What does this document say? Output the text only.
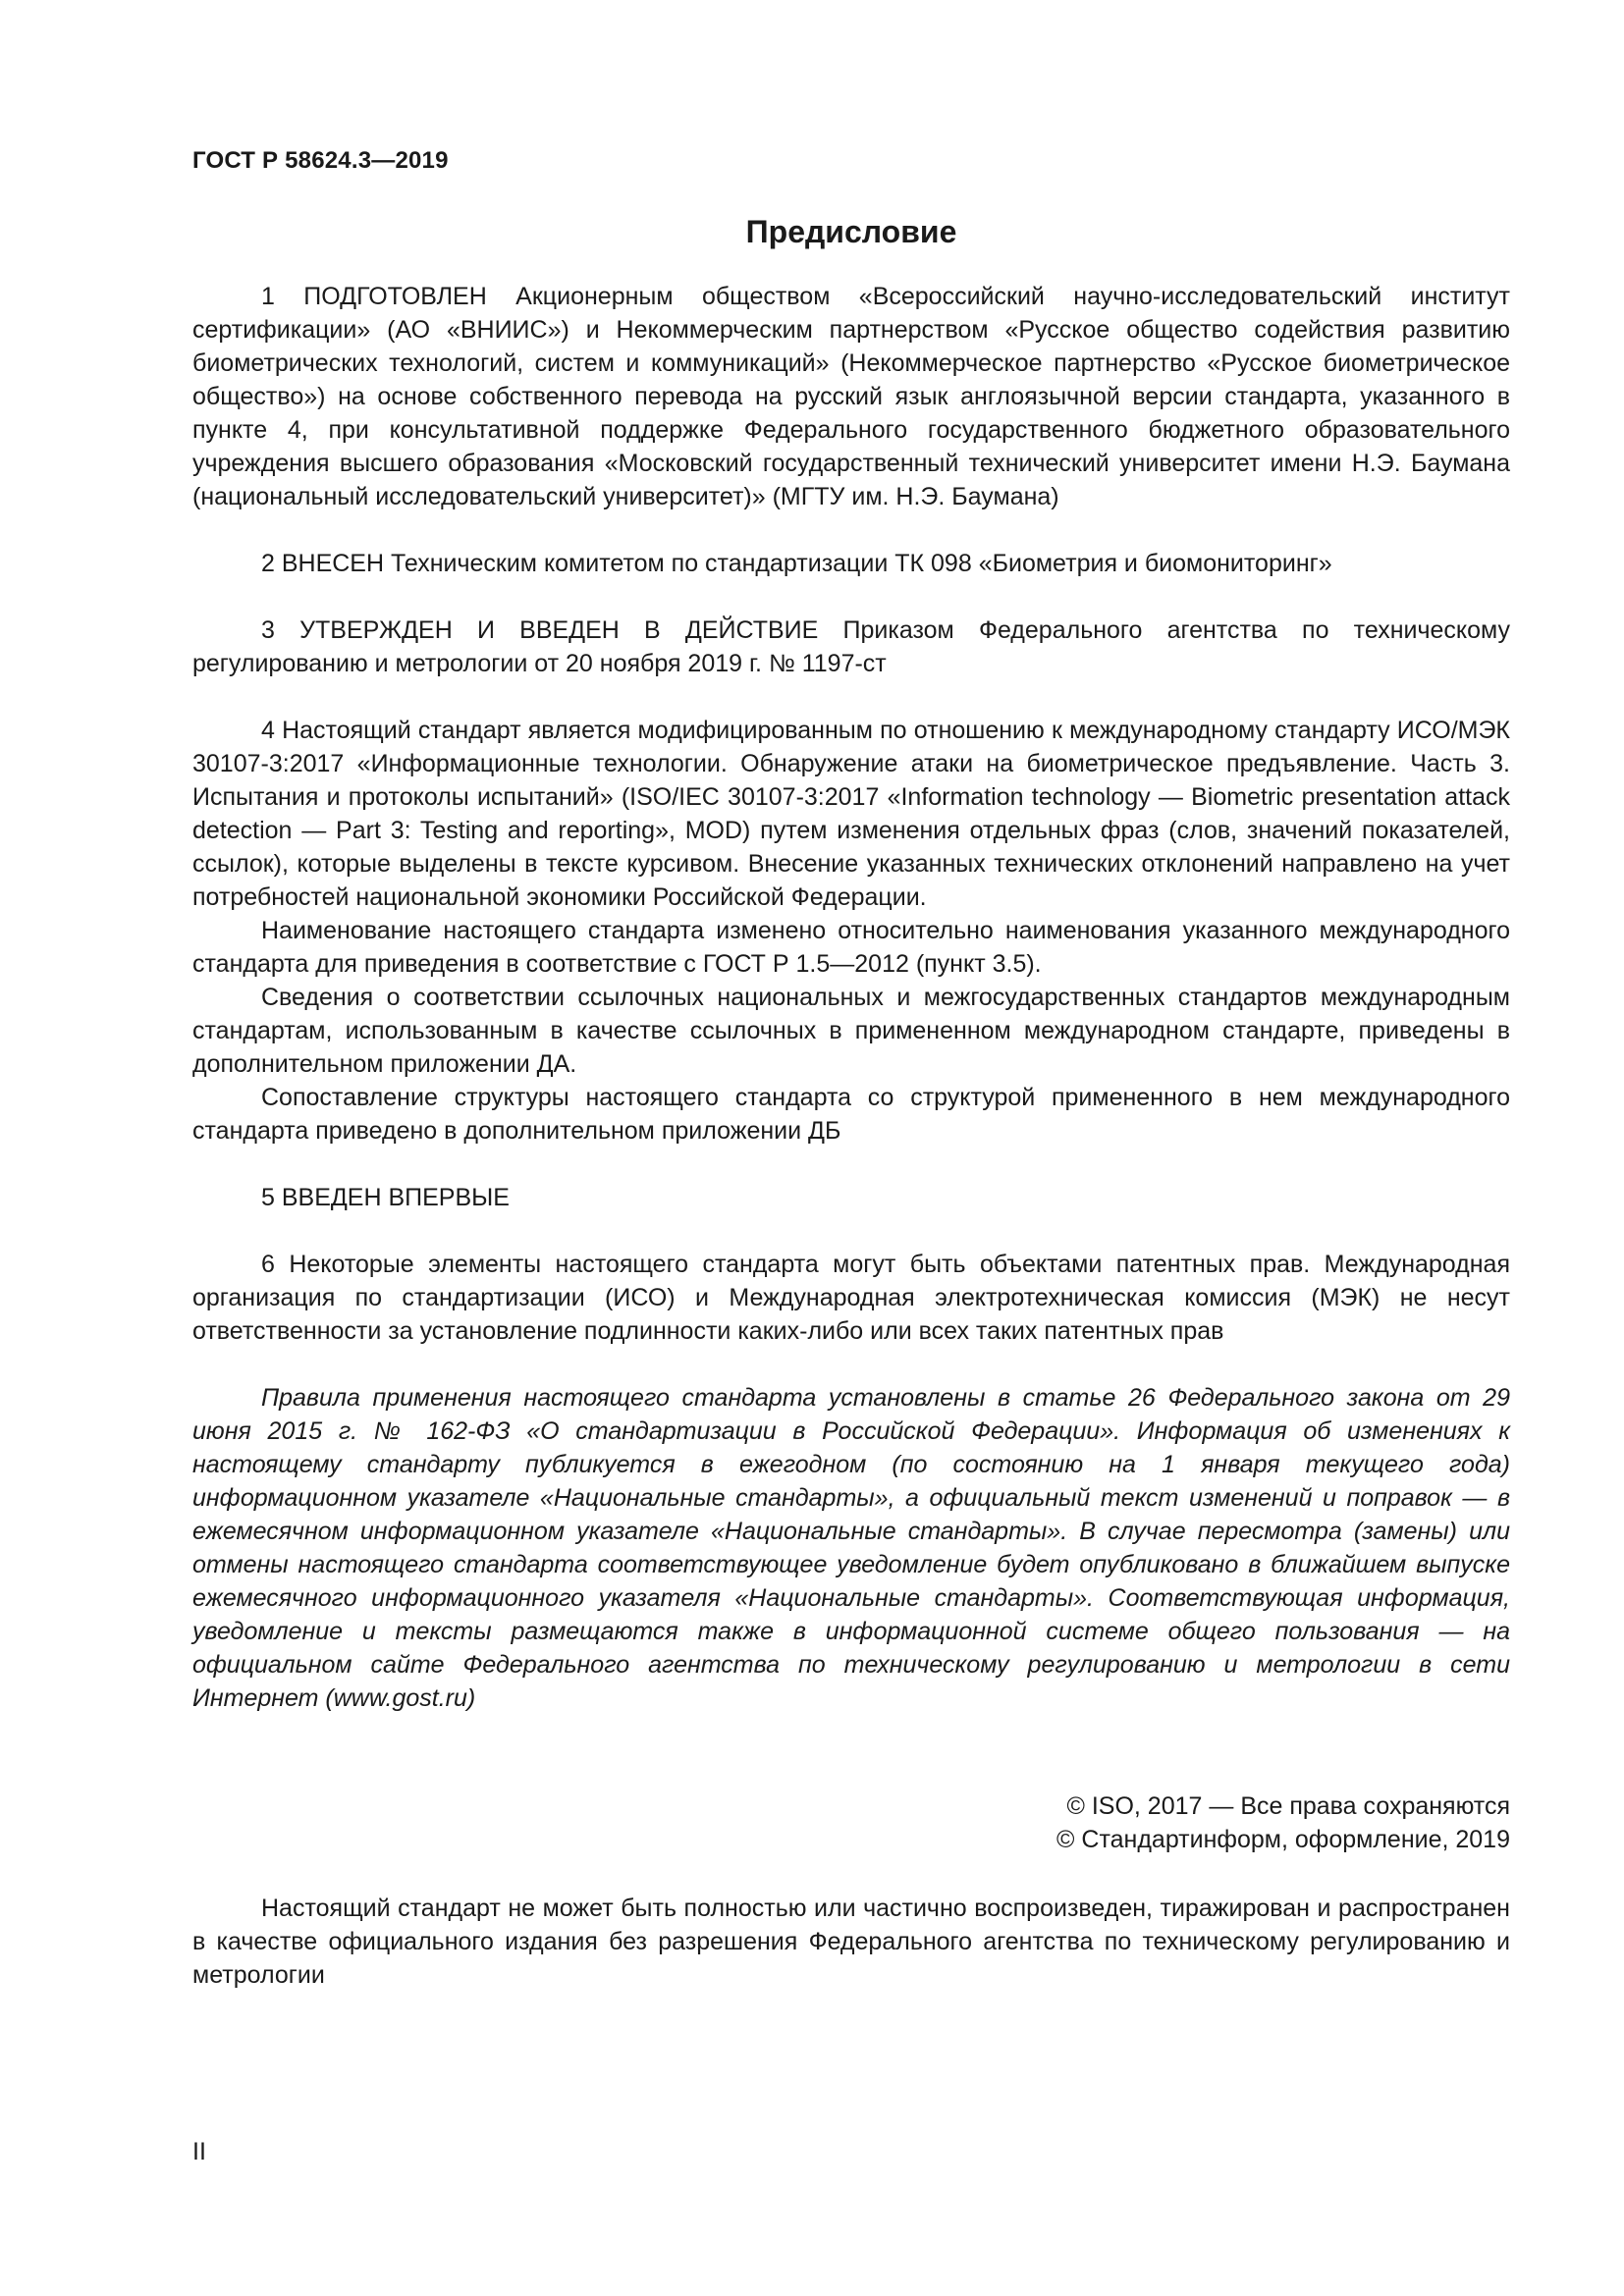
ГОСТ Р 58624.3—2019
Предисловие

1 ПОДГОТОВЛЕН Акционерным обществом «Всероссийский научно-исследовательский институт сертификации» (АО «ВНИИС») и Некоммерческим партнерством «Русское общество содействия развитию биометрических технологий, систем и коммуникаций» (Некоммерческое партнерство «Русское биометрическое общество») на основе собственного перевода на русский язык англоязычной версии стандарта, указанного в пункте 4, при консультативной поддержке Федерального государственного бюджетного образовательного учреждения высшего образования «Московский государственный технический университет имени Н.Э. Баумана (национальный исследовательский университет)» (МГТУ им. Н.Э. Баумана)

2 ВНЕСЕН Техническим комитетом по стандартизации ТК 098 «Биометрия и биомониторинг»

3 УТВЕРЖДЕН И ВВЕДЕН В ДЕЙСТВИЕ Приказом Федерального агентства по техническому регулированию и метрологии от 20 ноября 2019 г. № 1197-ст

4 Настоящий стандарт является модифицированным по отношению к международному стандарту ИСО/МЭК 30107-3:2017 «Информационные технологии. Обнаружение атаки на биометрическое предъявление. Часть 3. Испытания и протоколы испытаний» (ISO/IEC 30107-3:2017 «Information technology — Biometric presentation attack detection — Part 3: Testing and reporting», MOD) путем изменения отдельных фраз (слов, значений показателей, ссылок), которые выделены в тексте курсивом. Внесение указанных технических отклонений направлено на учет потребностей национальной экономики Российской Федерации.

Наименование настоящего стандарта изменено относительно наименования указанного международного стандарта для приведения в соответствие с ГОСТ Р 1.5—2012 (пункт 3.5).

Сведения о соответствии ссылочных национальных и межгосударственных стандартов международным стандартам, использованным в качестве ссылочных в примененном международном стандарте, приведены в дополнительном приложении ДА.

Сопоставление структуры настоящего стандарта со структурой примененного в нем международного стандарта приведено в дополнительном приложении ДБ

5 ВВЕДЕН ВПЕРВЫЕ

6 Некоторые элементы настоящего стандарта могут быть объектами патентных прав. Международная организация по стандартизации (ИСО) и Международная электротехническая комиссия (МЭК) не несут ответственности за установление подлинности каких-либо или всех таких патентных прав

Правила применения настоящего стандарта установлены в статье 26 Федерального закона от 29 июня 2015 г. № 162-ФЗ «О стандартизации в Российской Федерации». Информация об изменениях к настоящему стандарту публикуется в ежегодном (по состоянию на 1 января текущего года) информационном указателе «Национальные стандарты», а официальный текст изменений и поправок — в ежемесячном информационном указателе «Национальные стандарты». В случае пересмотра (замены) или отмены настоящего стандарта соответствующее уведомление будет опубликовано в ближайшем выпуске ежемесячного информационного указателя «Национальные стандарты». Соответствующая информация, уведомление и тексты размещаются также в информационной системе общего пользования — на официальном сайте Федерального агентства по техническому регулированию и метрологии в сети Интернет (www.gost.ru)

© ISO, 2017 — Все права сохраняются
© Стандартинформ, оформление, 2019

Настоящий стандарт не может быть полностью или частично воспроизведен, тиражирован и распространен в качестве официального издания без разрешения Федерального агентства по техническому регулированию и метрологии

II
